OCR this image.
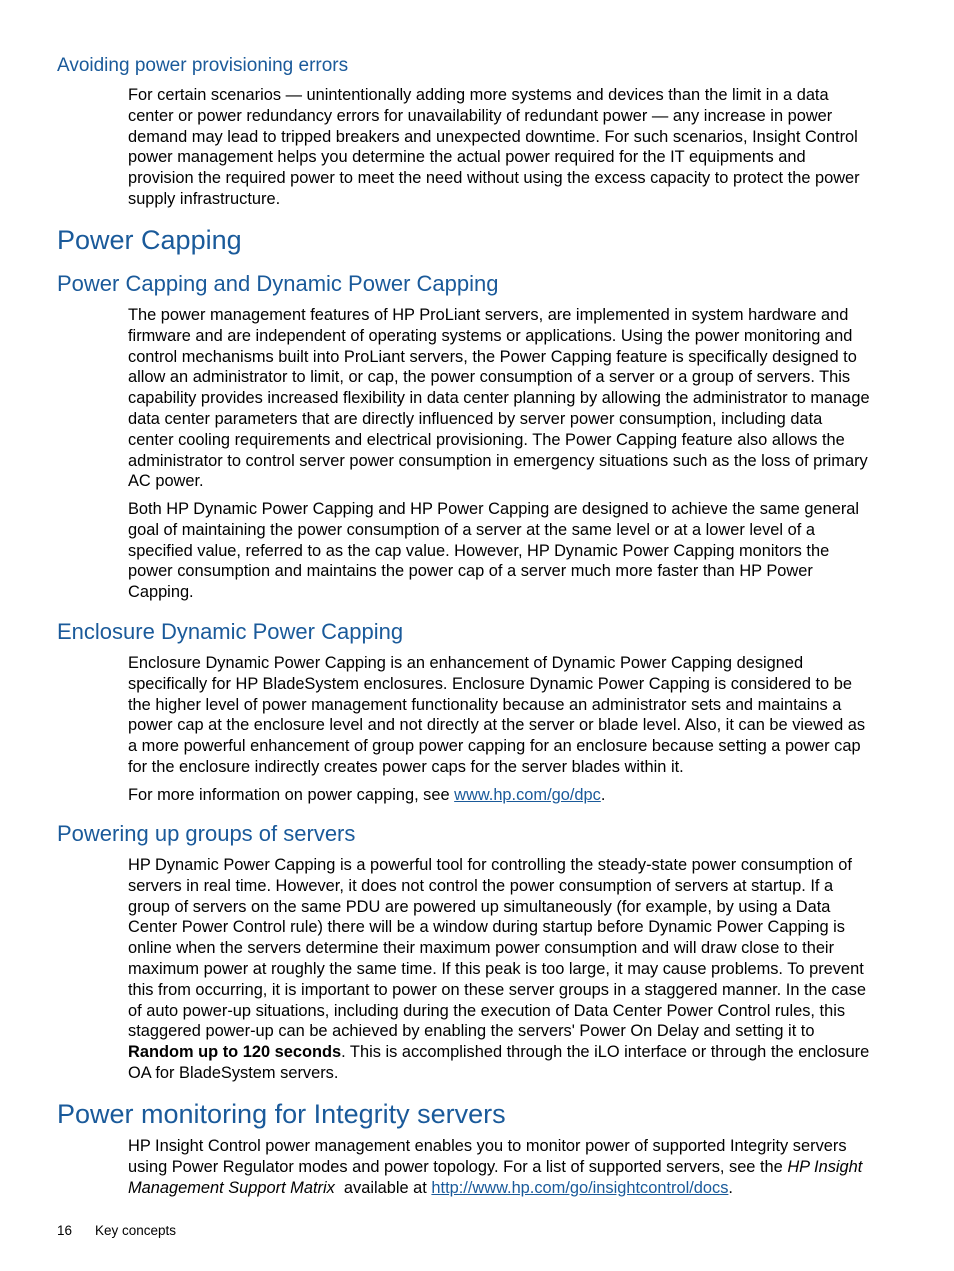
Avoiding power provisioning errors

For certain scenarios — unintentionally adding more systems and devices than the limit in a data center or power redundancy errors for unavailability of redundant power — any increase in power demand may lead to tripped breakers and unexpected downtime. For such scenarios, Insight Control power management helps you determine the actual power required for the IT equipments and provision the required power to meet the need without using the excess capacity to protect the power supply infrastructure.

Power Capping
Power Capping and Dynamic Power Capping

The power management features of HP ProLiant servers, are implemented in system hardware and firmware and are independent of operating systems or applications. Using the power monitoring and control mechanisms built into ProLiant servers, the Power Capping feature is specifically designed to allow an administrator to limit, or cap, the power consumption of a server or a group of servers. This capability provides increased flexibility in data center planning by allowing the administrator to manage data center parameters that are directly influenced by server power consumption, including data center cooling requirements and electrical provisioning. The Power Capping feature also allows the administrator to control server power consumption in emergency situations such as the loss of primary AC power.

Both HP Dynamic Power Capping and HP Power Capping are designed to achieve the same general goal of maintaining the power consumption of a server at the same level or at a lower level of a specified value, referred to as the cap value. However, HP Dynamic Power Capping monitors the power consumption and maintains the power cap of a server much more faster than HP Power Capping.

Enclosure Dynamic Power Capping

Enclosure Dynamic Power Capping is an enhancement of Dynamic Power Capping designed specifically for HP BladeSystem enclosures. Enclosure Dynamic Power Capping is considered to be the higher level of power management functionality because an administrator sets and maintains a power cap at the enclosure level and not directly at the server or blade level. Also, it can be viewed as a more powerful enhancement of group power capping for an enclosure because setting a power cap for the enclosure indirectly creates power caps for the server blades within it.

For more information on power capping, see www.hp.com/go/dpc.

Powering up groups of servers

HP Dynamic Power Capping is a powerful tool for controlling the steady-state power consumption of servers in real time. However, it does not control the power consumption of servers at startup. If a group of servers on the same PDU are powered up simultaneously (for example, by using a Data Center Power Control rule) there will be a window during startup before Dynamic Power Capping is online when the servers determine their maximum power consumption and will draw close to their maximum power at roughly the same time. If this peak is too large, it may cause problems. To prevent this from occurring, it is important to power on these server groups in a staggered manner. In the case of auto power-up situations, including during the execution of Data Center Power Control rules, this staggered power-up can be achieved by enabling the servers' Power On Delay and setting it to Random up to 120 seconds. This is accomplished through the iLO interface or through the enclosure OA for BladeSystem servers.

Power monitoring for Integrity servers

HP Insight Control power management enables you to monitor power of supported Integrity servers using Power Regulator modes and power topology. For a list of supported servers, see the HP Insight Management Support Matrix  available at http://www.hp.com/go/insightcontrol/docs.

16 Key concepts
